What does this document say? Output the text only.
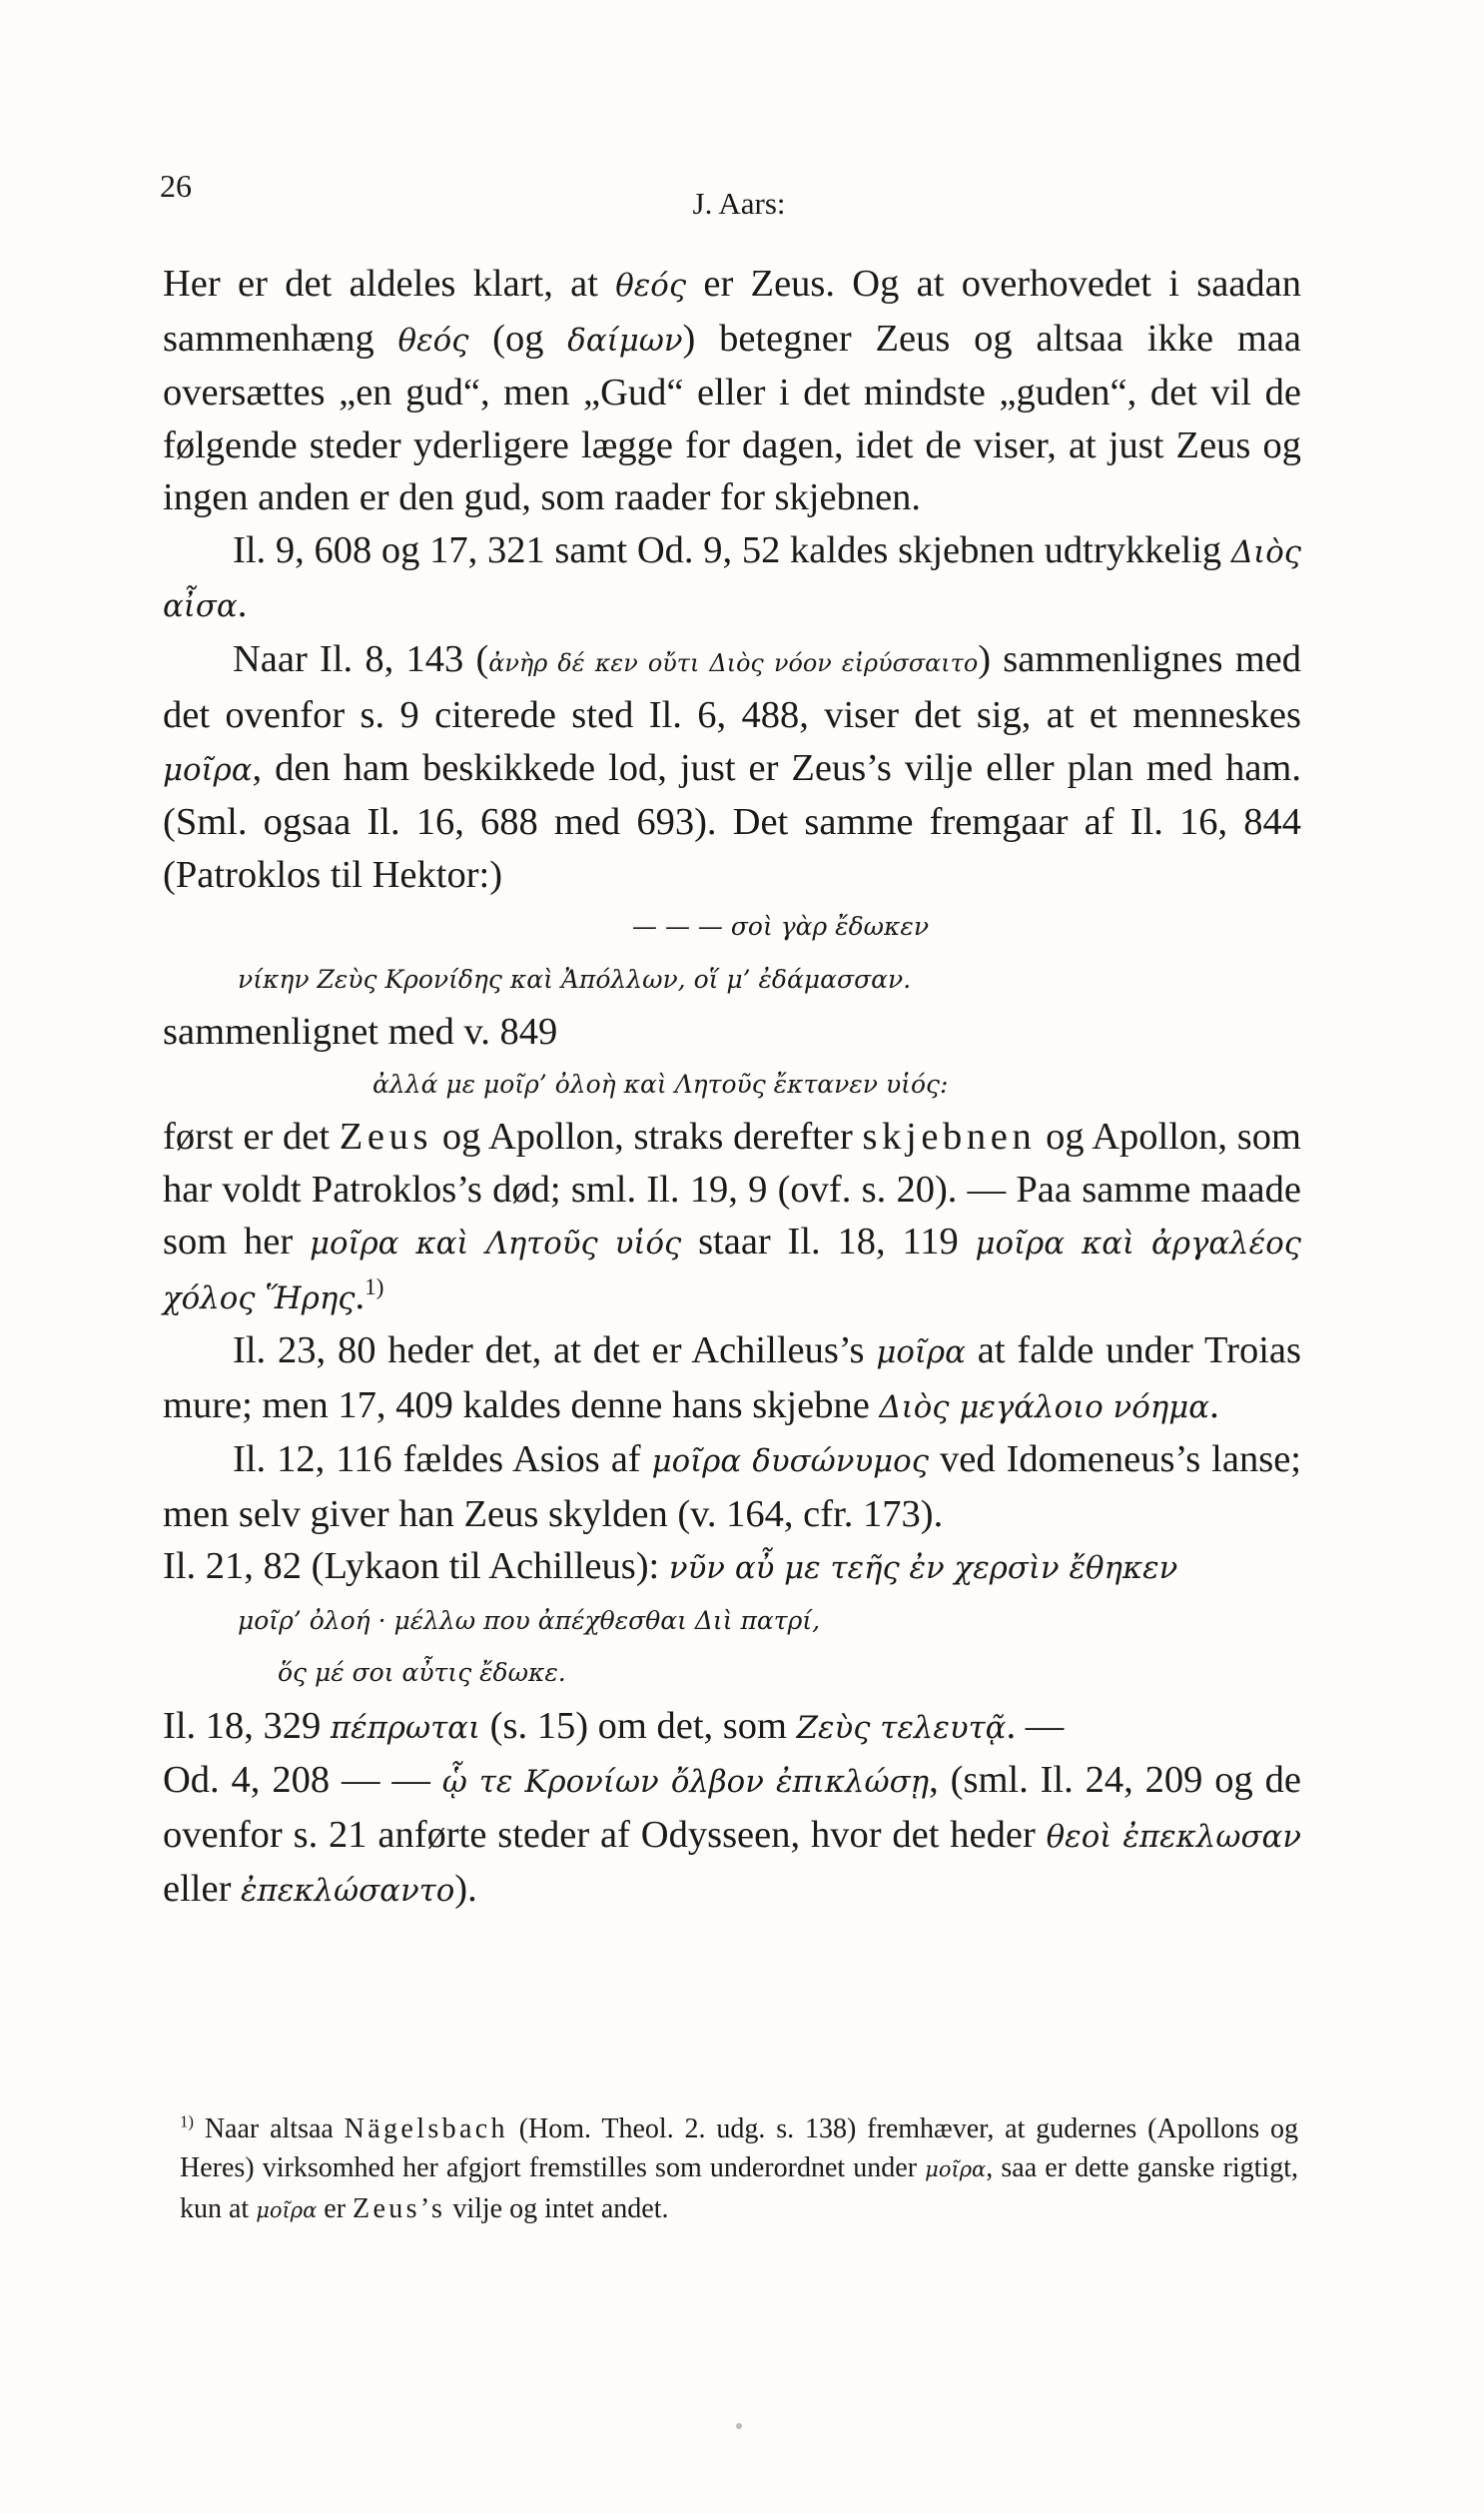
26	J. Aars:

Her er det aldeles klart, at θεός er Zeus. Og at overhovedet i saadan sammenhæng θεός (og δαίμων) betegner Zeus og altsaa ikke maa oversættes „en gud“, men „Gud“ eller i det mindste „guden“, det vil de følgende steder yderligere lægge for dagen, idet de viser, at just Zeus og ingen anden er den gud, som raader for skjebnen.

Il. 9, 608 og 17, 321 samt Od. 9, 52 kaldes skjebnen udtrykkelig Διὸς αἶσα.

Naar Il. 8, 143 (ἀνὴρ δέ κεν οὔτι Διὸς νόον εἰρύσσαιτο) sammenlignes med det ovenfor s. 9 citerede sted Il. 6, 488, viser det sig, at et menneskes μοῖρα, den ham beskikkede lod, just er Zeus’s vilje eller plan med ham. (Sml. ogsaa Il. 16, 688 med 693). Det samme fremgaar af Il. 16, 844 (Patroklos til Hektor:)

— — — σοὶ γὰρ ἔδωκεν

νίκην Ζεὺς Κρονίδης καὶ Ἀπόλλων, οἵ μ’ ἐδάμασσαν.

sammenlignet med v. 849

ἀλλά με μοῖρ’ ὀλοὴ καὶ Λητοῦς ἔκτανεν υἱός:

først er det Zeus og Apollon, straks derefter skjebnen og Apollon, som har voldt Patroklos’s død; sml. Il. 19, 9 (ovf. s. 20). — Paa samme maade som her μοῖρα καὶ Λητοῦς υἱός staar Il. 18, 119 μοῖρα καὶ ἀργαλέος χόλος Ἥρης.$^{1)}$

Il. 23, 80 heder det, at det er Achilleus’s μοῖρα at falde under Troias mure; men 17, 409 kaldes denne hans skjebne Διὸς μεγάλοιο νόημα.

Il. 12, 116 fældes Asios af μοῖρα δυσώνυμος ved Idomeneus’s lanse; men selv giver han Zeus skylden (v. 164, cfr. 173).

Il. 21, 82 (Lykaon til Achilleus): νῦν αὖ με τεῆς ἐν χερσὶν ἔθηκεν

μοῖρ’ ὀλοή · μέλλω που ἀπέχθεσθαι Διὶ πατρί,

ὅς μέ σοι αὖτις ἔδωκε.

Il. 18, 329 πέπρωται (s. 15) om det, som Ζεὺς τελευτᾷ. —

Od. 4, 208 — — ᾧ τε Κρονίων ὄλβον ἐπικλώσῃ, (sml. Il. 24, 209 og de ovenfor s. 21 anførte steder af Odysseen, hvor det heder θεοὶ ἐπεκλωσαν eller ἐπεκλώσαντο).

$^{1)}$ Naar altsaa Nägelsbach (Hom. Theol. 2. udg. s. 138) fremhæver, at gudernes (Apollons og Heres) virksomhed her afgjort fremstilles som underordnet under μοῖρα, saa er dette ganske rigtigt, kun at μοῖρα er Zeus’s vilje og intet andet.
